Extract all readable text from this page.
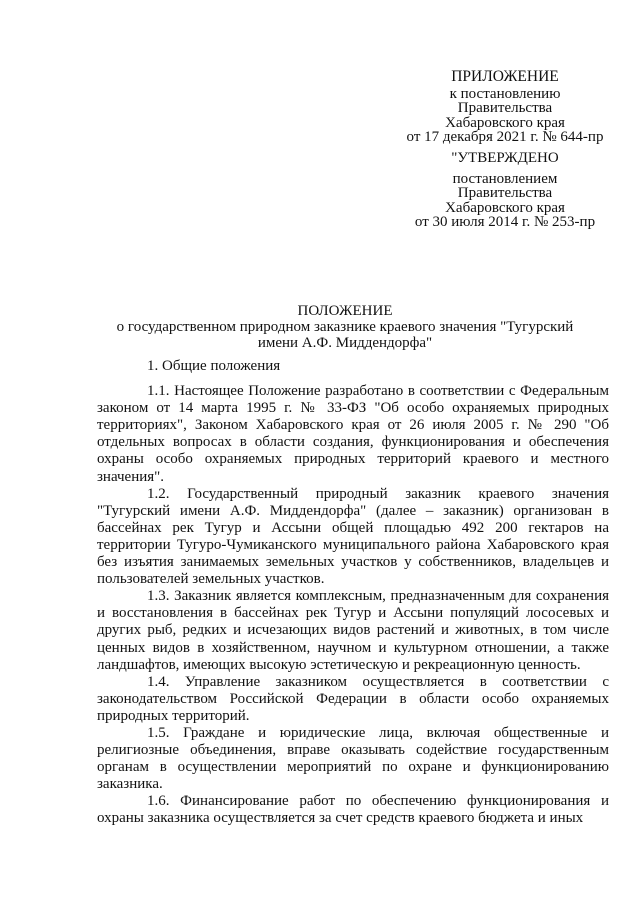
ПРИЛОЖЕНИЕ
к постановлению
Правительства
Хабаровского края
от 17 декабря 2021 г. № 644-пр
"УТВЕРЖДЕНО
постановлением
Правительства
Хабаровского края
от 30 июля 2014 г. № 253-пр
ПОЛОЖЕНИЕ
о государственном природном заказнике краевого значения "Тугурский
имени А.Ф. Миддендорфа"

1. Общие положения

1.1. Настоящее Положение разработано в соответствии с Федеральным законом от 14 марта 1995 г. № 33-ФЗ "Об особо охраняемых природных территориях", Законом Хабаровского края от 26 июля 2005 г. № 290 "Об отдельных вопросах в области создания, функционирования и обеспечения охраны особо охраняемых природных территорий краевого и местного значения".

1.2. Государственный природный заказник краевого значения "Тугурский имени А.Ф. Миддендорфа" (далее – заказник) организован в бассейнах рек Тугур и Ассыни общей площадью 492 200 гектаров на территории Тугуро-Чумиканского муниципального района Хабаровского края без изъятия занимаемых земельных участков у собственников, владельцев и пользователей земельных участков.

1.3. Заказник является комплексным, предназначенным для сохранения и восстановления в бассейнах рек Тугур и Ассыни популяций лососевых и других рыб, редких и исчезающих видов растений и животных, в том числе ценных видов в хозяйственном, научном и культурном отношении, а также ландшафтов, имеющих высокую эстетическую и рекреационную ценность.

1.4. Управление заказником осуществляется в соответствии с законодательством Российской Федерации в области особо охраняемых природных территорий.

1.5. Граждане и юридические лица, включая общественные и религиозные объединения, вправе оказывать содействие государственным органам в осуществлении мероприятий по охране и функционированию заказника.

1.6. Финансирование работ по обеспечению функционирования и охраны заказника осуществляется за счет средств краевого бюджета и иных
